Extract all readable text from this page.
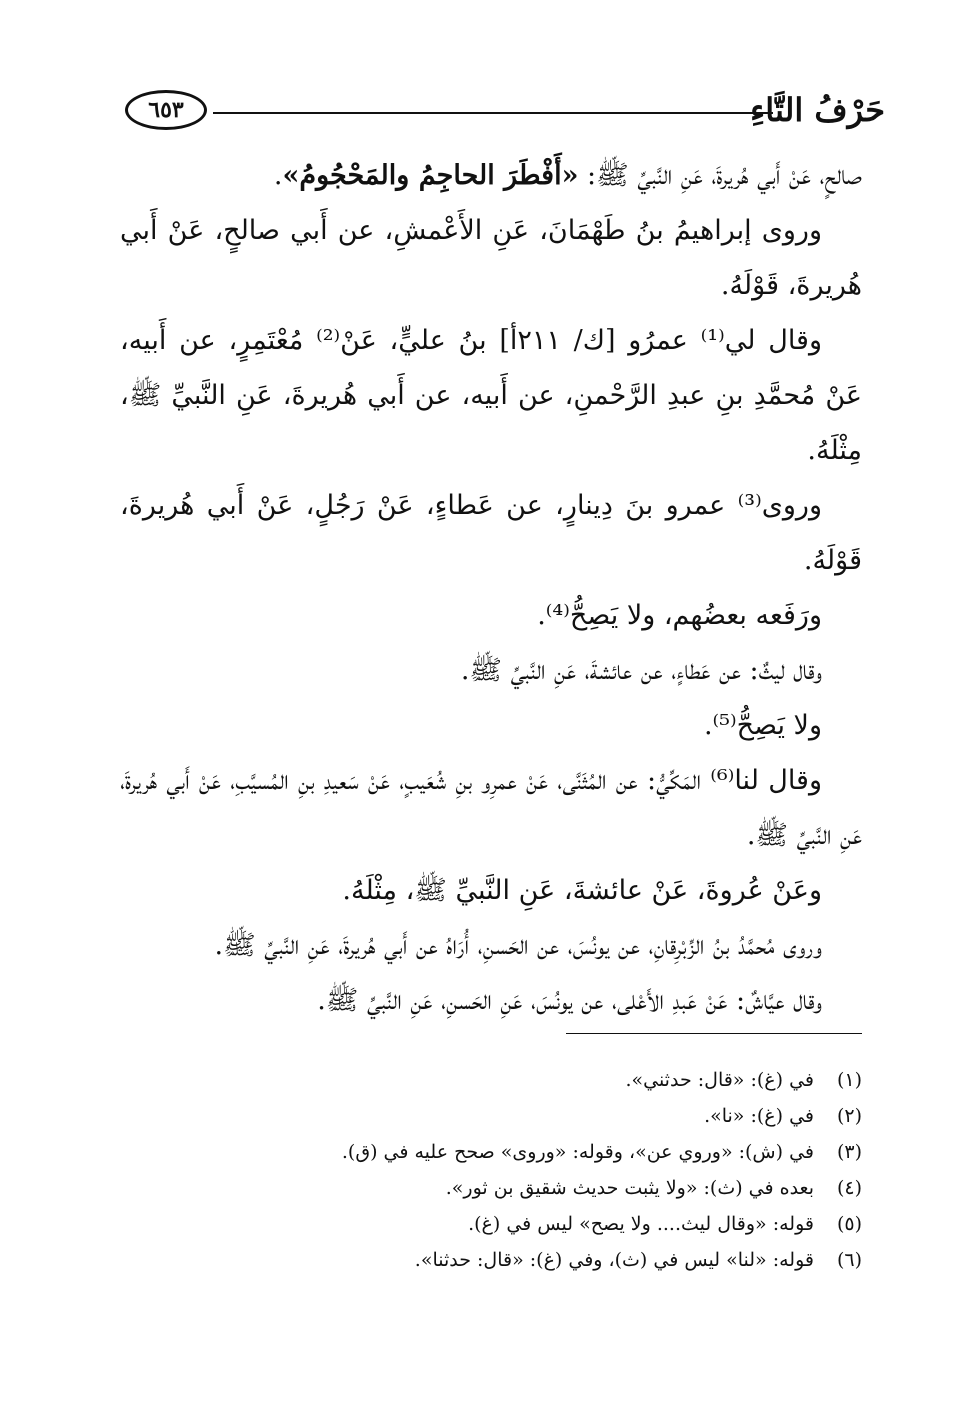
حَرْفُ التَّاءِ
٦٥٣

صالحٍ، عَنْ أَبي هُريرةَ، عَنِ النَّبيِّ ﷺ: «أَفْطَرَ الحاجِمُ والمَحْجُومُ».

وروى إبراهيمُ بنُ طَهْمَانَ، عَنِ الأَعْمشِ، عن أَبي صالحٍ، عَنْ أَبي هُريرةَ، قَوْلَهُ.

وقال لي⁽¹⁾ عمرُو [ك/ ٢١١أ] بنُ عليٍّ، عَنْ⁽²⁾ مُعْتَمِرٍ، عن أَبيه، عَنْ مُحمَّدِ بنِ عبدِ الرَّحْمنِ، عن أَبيه، عن أَبي هُريرةَ، عَنِ النَّبيِّ ﷺ، مِثْلَهُ.

وروى⁽³⁾ عمرو بنَ دِينارٍ، عن عَطاءٍ، عَنْ رَجُلٍ، عَنْ أَبي هُريرةَ، قَوْلَهُ.

ورَفَعه بعضُهم، ولا يَصِحُّ⁽⁴⁾.

وقال ليثٌ: عن عَطاءٍ، عن عائشةَ، عَنِ النَّبيِّ ﷺ.

ولا يَصِحُّ⁽⁵⁾.

وقال لنا⁽⁶⁾ المَكِّيُّ: عن المُثَنَّى، عَنْ عمرِو بنِ شُعَيبٍ، عَنْ سَعيدِ بنِ المُسيَّبِ، عَنْ أَبي هُريرةَ، عَنِ النَّبيِّ ﷺ.

وعَنْ عُروةَ، عَنْ عائشةَ، عَنِ النَّبيِّ ﷺ، مِثْلَهُ.

وروى مُحمَّدُ بنُ الزِّبْرِقانِ، عن يونُسَ، عن الحَسنِ، أُرَاهُ عن أَبي هُريرةَ، عَنِ النَّبيِّ ﷺ.

وقال عيَّاشٌ: عَنْ عَبدِ الأَعْلى، عن يونُسَ، عَنِ الحَسنِ، عَنِ النَّبيِّ ﷺ.

(١)
في (غ): «قال: حدثني».
(٢)
في (غ): «نا».
(٣)
في (ش): «وروي عن»، وقوله: «وروى» صحح عليه في (ق).
(٤)
بعده في (ث): «ولا يثبت حديث شقيق بن ثور».
(٥)
قوله: «وقال ليث.... ولا يصح» ليس في (غ).
(٦)
قوله: «لنا» ليس في (ث)، وفي (غ): «قال: حدثنا».
